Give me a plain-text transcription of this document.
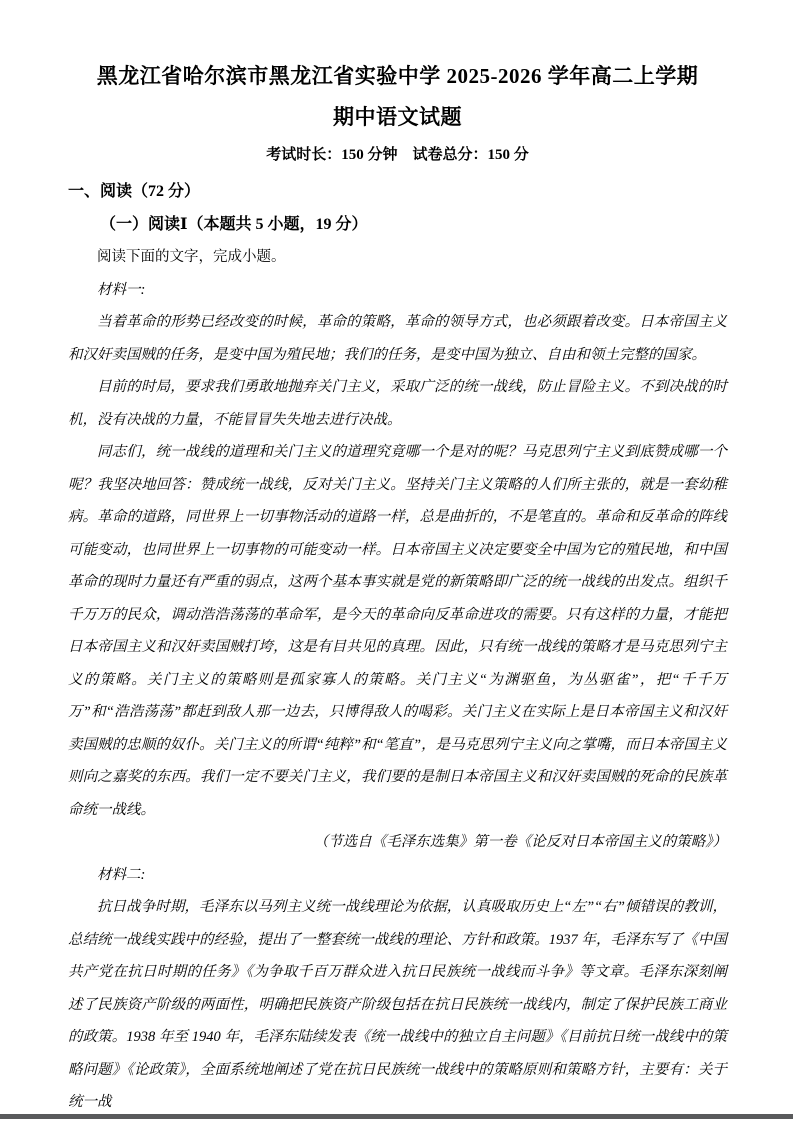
黑龙江省哈尔滨市黑龙江省实验中学 2025-2026 学年高二上学期
期中语文试题
考试时长：150 分钟　试卷总分：150 分
一、阅读（72 分）
（一）阅读Ⅰ（本题共 5 小题，19 分）
阅读下面的文字，完成小题。
材料一:

当着革命的形势已经改变的时候，革命的策略，革命的领导方式，也必须跟着改变。日本帝国主义和汉奸卖国贼的任务，是变中国为殖民地；我们的任务，是变中国为独立、自由和领土完整的国家。

目前的时局，要求我们勇敢地抛弃关门主义，采取广泛的统一战线，防止冒险主义。不到决战的时机，没有决战的力量，不能冒冒失失地去进行决战。

同志们，统一战线的道理和关门主义的道理究竟哪一个是对的呢？马克思列宁主义到底赞成哪一个呢？我坚决地回答：赞成统一战线，反对关门主义。坚持关门主义策略的人们所主张的，就是一套幼稚病。革命的道路，同世界上一切事物活动的道路一样，总是曲折的，不是笔直的。革命和反革命的阵线可能变动，也同世界上一切事物的可能变动一样。日本帝国主义决定要变全中国为它的殖民地，和中国革命的现时力量还有严重的弱点，这两个基本事实就是党的新策略即广泛的统一战线的出发点。组织千千万万的民众，调动浩浩荡荡的革命军，是今天的革命向反革命进攻的需要。只有这样的力量，才能把日本帝国主义和汉奸卖国贼打垮，这是有目共见的真理。因此，只有统一战线的策略才是马克思列宁主义的策略。关门主义的策略则是孤家寡人的策略。关门主义“为渊驱鱼，为丛驱雀”，把“千千万万”和“浩浩荡荡”都赶到敌人那一边去，只博得敌人的喝彩。关门主义在实际上是日本帝国主义和汉奸卖国贼的忠顺的奴仆。关门主义的所谓“纯粹”和“笔直”，是马克思列宁主义向之掌嘴，而日本帝国主义则向之嘉奖的东西。我们一定不要关门主义，我们要的是制日本帝国主义和汉奸卖国贼的死命的民族革命统一战线。

（节选自《毛泽东选集》第一卷《论反对日本帝国主义的策略》）

材料二:

抗日战争时期，毛泽东以马列主义统一战线理论为依据，认真吸取历史上“左”“右”倾错误的教训，总结统一战线实践中的经验，提出了一整套统一战线的理论、方针和政策。1937 年，毛泽东写了《中国共产党在抗日时期的任务》《为争取千百万群众进入抗日民族统一战线而斗争》等文章。毛泽东深刻阐述了民族资产阶级的两面性，明确把民族资产阶级包括在抗日民族统一战线内，制定了保护民族工商业的政策。1938 年至 1940 年，毛泽东陆续发表《统一战线中的独立自主问题》《目前抗日统一战线中的策略问题》《论政策》，全面系统地阐述了党在抗日民族统一战线中的策略原则和策略方针，主要有：关于统一战
